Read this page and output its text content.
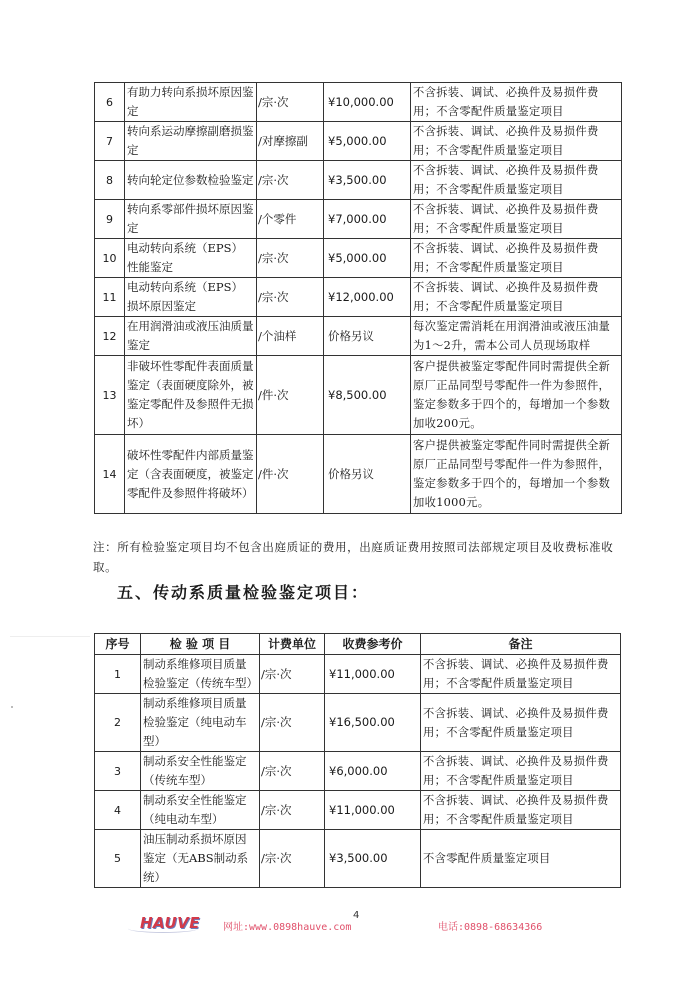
6	有助力转向系损坏原因鉴定	/宗·次	¥10,000.00	不含拆装、调试、必换件及易损件费用；不含零配件质量鉴定项目
7	转向系运动摩擦副磨损鉴定	/对摩擦副	¥5,000.00	不含拆装、调试、必换件及易损件费用；不含零配件质量鉴定项目
8	转向轮定位参数检验鉴定	/宗·次	¥3,500.00	不含拆装、调试、必换件及易损件费用；不含零配件质量鉴定项目
9	转向系零部件损坏原因鉴定	/个零件	¥7,000.00	不含拆装、调试、必换件及易损件费用；不含零配件质量鉴定项目
10	电动转向系统（EPS）性能鉴定	/宗·次	¥5,000.00	不含拆装、调试、必换件及易损件费用；不含零配件质量鉴定项目
11	电动转向系统（EPS）损坏原因鉴定	/宗·次	¥12,000.00	不含拆装、调试、必换件及易损件费用；不含零配件质量鉴定项目
12	在用润滑油或液压油质量鉴定	/个油样	价格另议	每次鉴定需消耗在用润滑油或液压油量为1～2升，需本公司人员现场取样
13	非破坏性零配件表面质量鉴定（表面硬度除外，被鉴定零配件及参照件无损坏）	/件·次	¥8,500.00	客户提供被鉴定零配件同时需提供全新原厂正品同型号零配件一件为参照件，鉴定参数多于四个的，每增加一个参数加收200元。
14	破坏性零配件内部质量鉴定（含表面硬度，被鉴定零配件及参照件将破坏）	/件·次	价格另议	客户提供被鉴定零配件同时需提供全新原厂正品同型号零配件一件为参照件，鉴定参数多于四个的，每增加一个参数加收1000元。
注：所有检验鉴定项目均不包含出庭质证的费用，出庭质证费用按照司法部规定项目及收费标准收取。
五、传动系质量检验鉴定项目：
序号	检 验 项 目	计费单位	收费参考价	备注
1	制动系维修项目质量检验鉴定（传统车型）	/宗·次	¥11,000.00	不含拆装、调试、必换件及易损件费用；不含零配件质量鉴定项目
2	制动系维修项目质量检验鉴定（纯电动车型）	/宗·次	¥16,500.00	不含拆装、调试、必换件及易损件费用；不含零配件质量鉴定项目
3	制动系安全性能鉴定（传统车型）	/宗·次	¥6,000.00	不含拆装、调试、必换件及易损件费用；不含零配件质量鉴定项目
4	制动系安全性能鉴定（纯电动车型）	/宗·次	¥11,000.00	不含拆装、调试、必换件及易损件费用；不含零配件质量鉴定项目
5	油压制动系损坏原因鉴定（无ABS制动系统）	/宗·次	¥3,500.00	不含零配件质量鉴定项目
HAUVE 网址:www.0898hauve.com
4
电话:0898-68634366
